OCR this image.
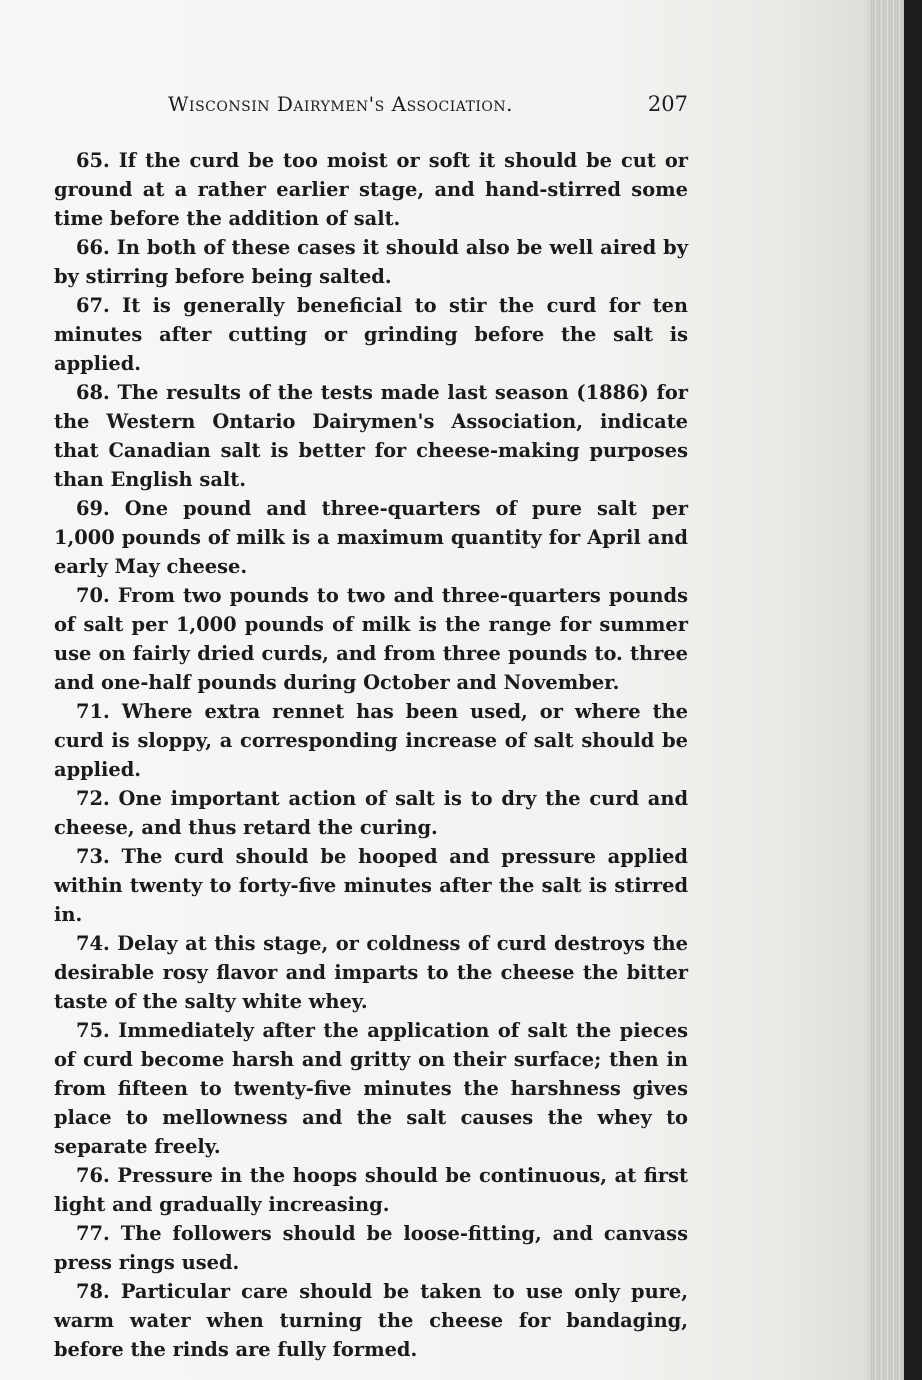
Wisconsin Dairymen's Association.	207

65. If the curd be too moist or soft it should be cut or ground at a rather earlier stage, and hand-stirred some time before the addition of salt.

66. In both of these cases it should also be well aired by by stirring before being salted.

67. It is generally beneficial to stir the curd for ten minutes after cutting or grinding before the salt is applied.

68. The results of the tests made last season (1886) for the Western Ontario Dairymen's Association, indicate that Canadian salt is better for cheese-making purposes than English salt.

69. One pound and three-quarters of pure salt per 1,000 pounds of milk is a maximum quantity for April and early May cheese.

70. From two pounds to two and three-quarters pounds of salt per 1,000 pounds of milk is the range for summer use on fairly dried curds, and from three pounds to. three and one-half pounds during October and November.

71. Where extra rennet has been used, or where the curd is sloppy, a corresponding increase of salt should be applied.

72. One important action of salt is to dry the curd and cheese, and thus retard the curing.

73. The curd should be hooped and pressure applied within twenty to forty-five minutes after the salt is stirred in.

74. Delay at this stage, or coldness of curd destroys the desirable rosy flavor and imparts to the cheese the bitter taste of the salty white whey.

75. Immediately after the application of salt the pieces of curd become harsh and gritty on their surface; then in from fifteen to twenty-five minutes the harshness gives place to mellowness and the salt causes the whey to separate freely.

76. Pressure in the hoops should be continuous, at first light and gradually increasing.

77. The followers should be loose-fitting, and canvass press rings used.

78. Particular care should be taken to use only pure, warm water when turning the cheese for bandaging, before the rinds are fully formed.
